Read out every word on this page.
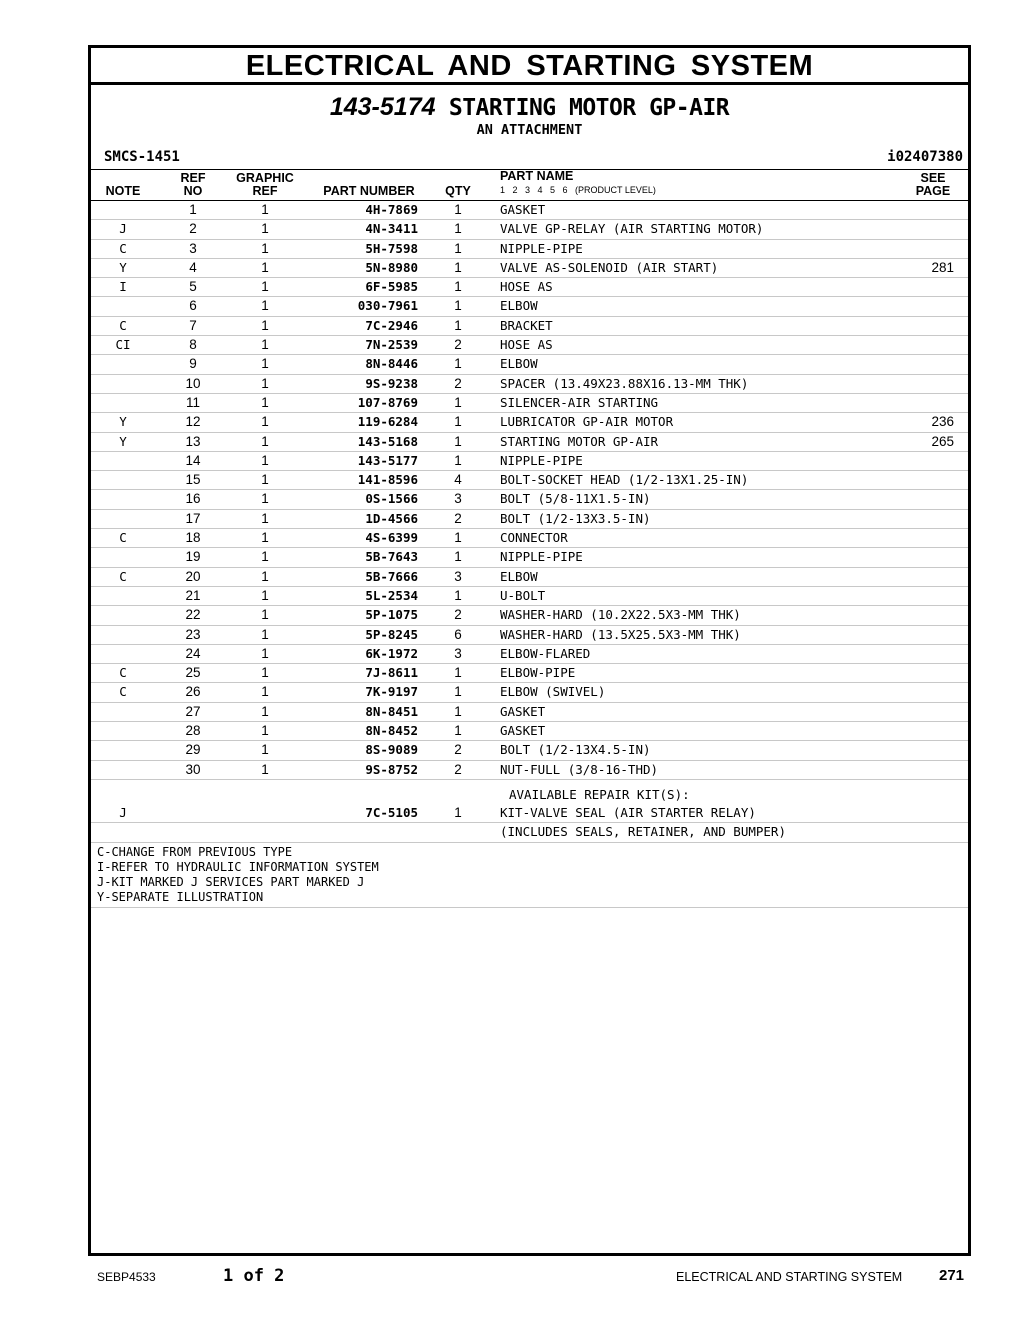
ELECTRICAL AND STARTING SYSTEM
143-5174 STARTING MOTOR GP-AIR
AN ATTACHMENT
SMCS-1451	i02407380
NOTE
REF
NO
GRAPHIC
REF	PART NUMBER	QTY
PART NAME
1   2   3   4   5   6   (PRODUCT LEVEL)
SEE
PAGE
1	1	4H-7869	1	GASKET
J	2	1	4N-3411	1	VALVE GP-RELAY (AIR STARTING MOTOR)
C	3	1	5H-7598	1	NIPPLE-PIPE
Y	4	1	5N-8980	1	VALVE AS-SOLENOID (AIR START)	281
I	5	1	6F-5985	1	HOSE AS
6	1	030-7961	1	ELBOW
C	7	1	7C-2946	1	BRACKET
CI	8	1	7N-2539	2	HOSE AS
9	1	8N-8446	1	ELBOW
10	1	9S-9238	2	SPACER (13.49X23.88X16.13-MM THK)
11	1	107-8769	1	SILENCER-AIR STARTING
Y	12	1	119-6284	1	LUBRICATOR GP-AIR MOTOR	236
Y	13	1	143-5168	1	STARTING MOTOR GP-AIR	265
14	1	143-5177	1	NIPPLE-PIPE
15	1	141-8596	4	BOLT-SOCKET HEAD (1/2-13X1.25-IN)
16	1	0S-1566	3	BOLT (5/8-11X1.5-IN)
17	1	1D-4566	2	BOLT (1/2-13X3.5-IN)
C	18	1	4S-6399	1	CONNECTOR
19	1	5B-7643	1	NIPPLE-PIPE
C	20	1	5B-7666	3	ELBOW
21	1	5L-2534	1	U-BOLT
22	1	5P-1075	2	WASHER-HARD (10.2X22.5X3-MM THK)
23	1	5P-8245	6	WASHER-HARD (13.5X25.5X3-MM THK)
24	1	6K-1972	3	ELBOW-FLARED
C	25	1	7J-8611	1	ELBOW-PIPE
C	26	1	7K-9197	1	ELBOW (SWIVEL)
27	1	8N-8451	1	GASKET
28	1	8N-8452	1	GASKET
29	1	8S-9089	2	BOLT (1/2-13X4.5-IN)
30	1	9S-8752	2	NUT-FULL (3/8-16-THD)
AVAILABLE REPAIR KIT(S):
J	7C-5105	1	KIT-VALVE SEAL (AIR STARTER RELAY)
(INCLUDES SEALS, RETAINER, AND BUMPER)
C-CHANGE FROM PREVIOUS TYPE
I-REFER TO HYDRAULIC INFORMATION SYSTEM
J-KIT MARKED J SERVICES PART MARKED J
Y-SEPARATE ILLUSTRATION
SEBP4533	1 of 2	ELECTRICAL AND STARTING SYSTEM 271
